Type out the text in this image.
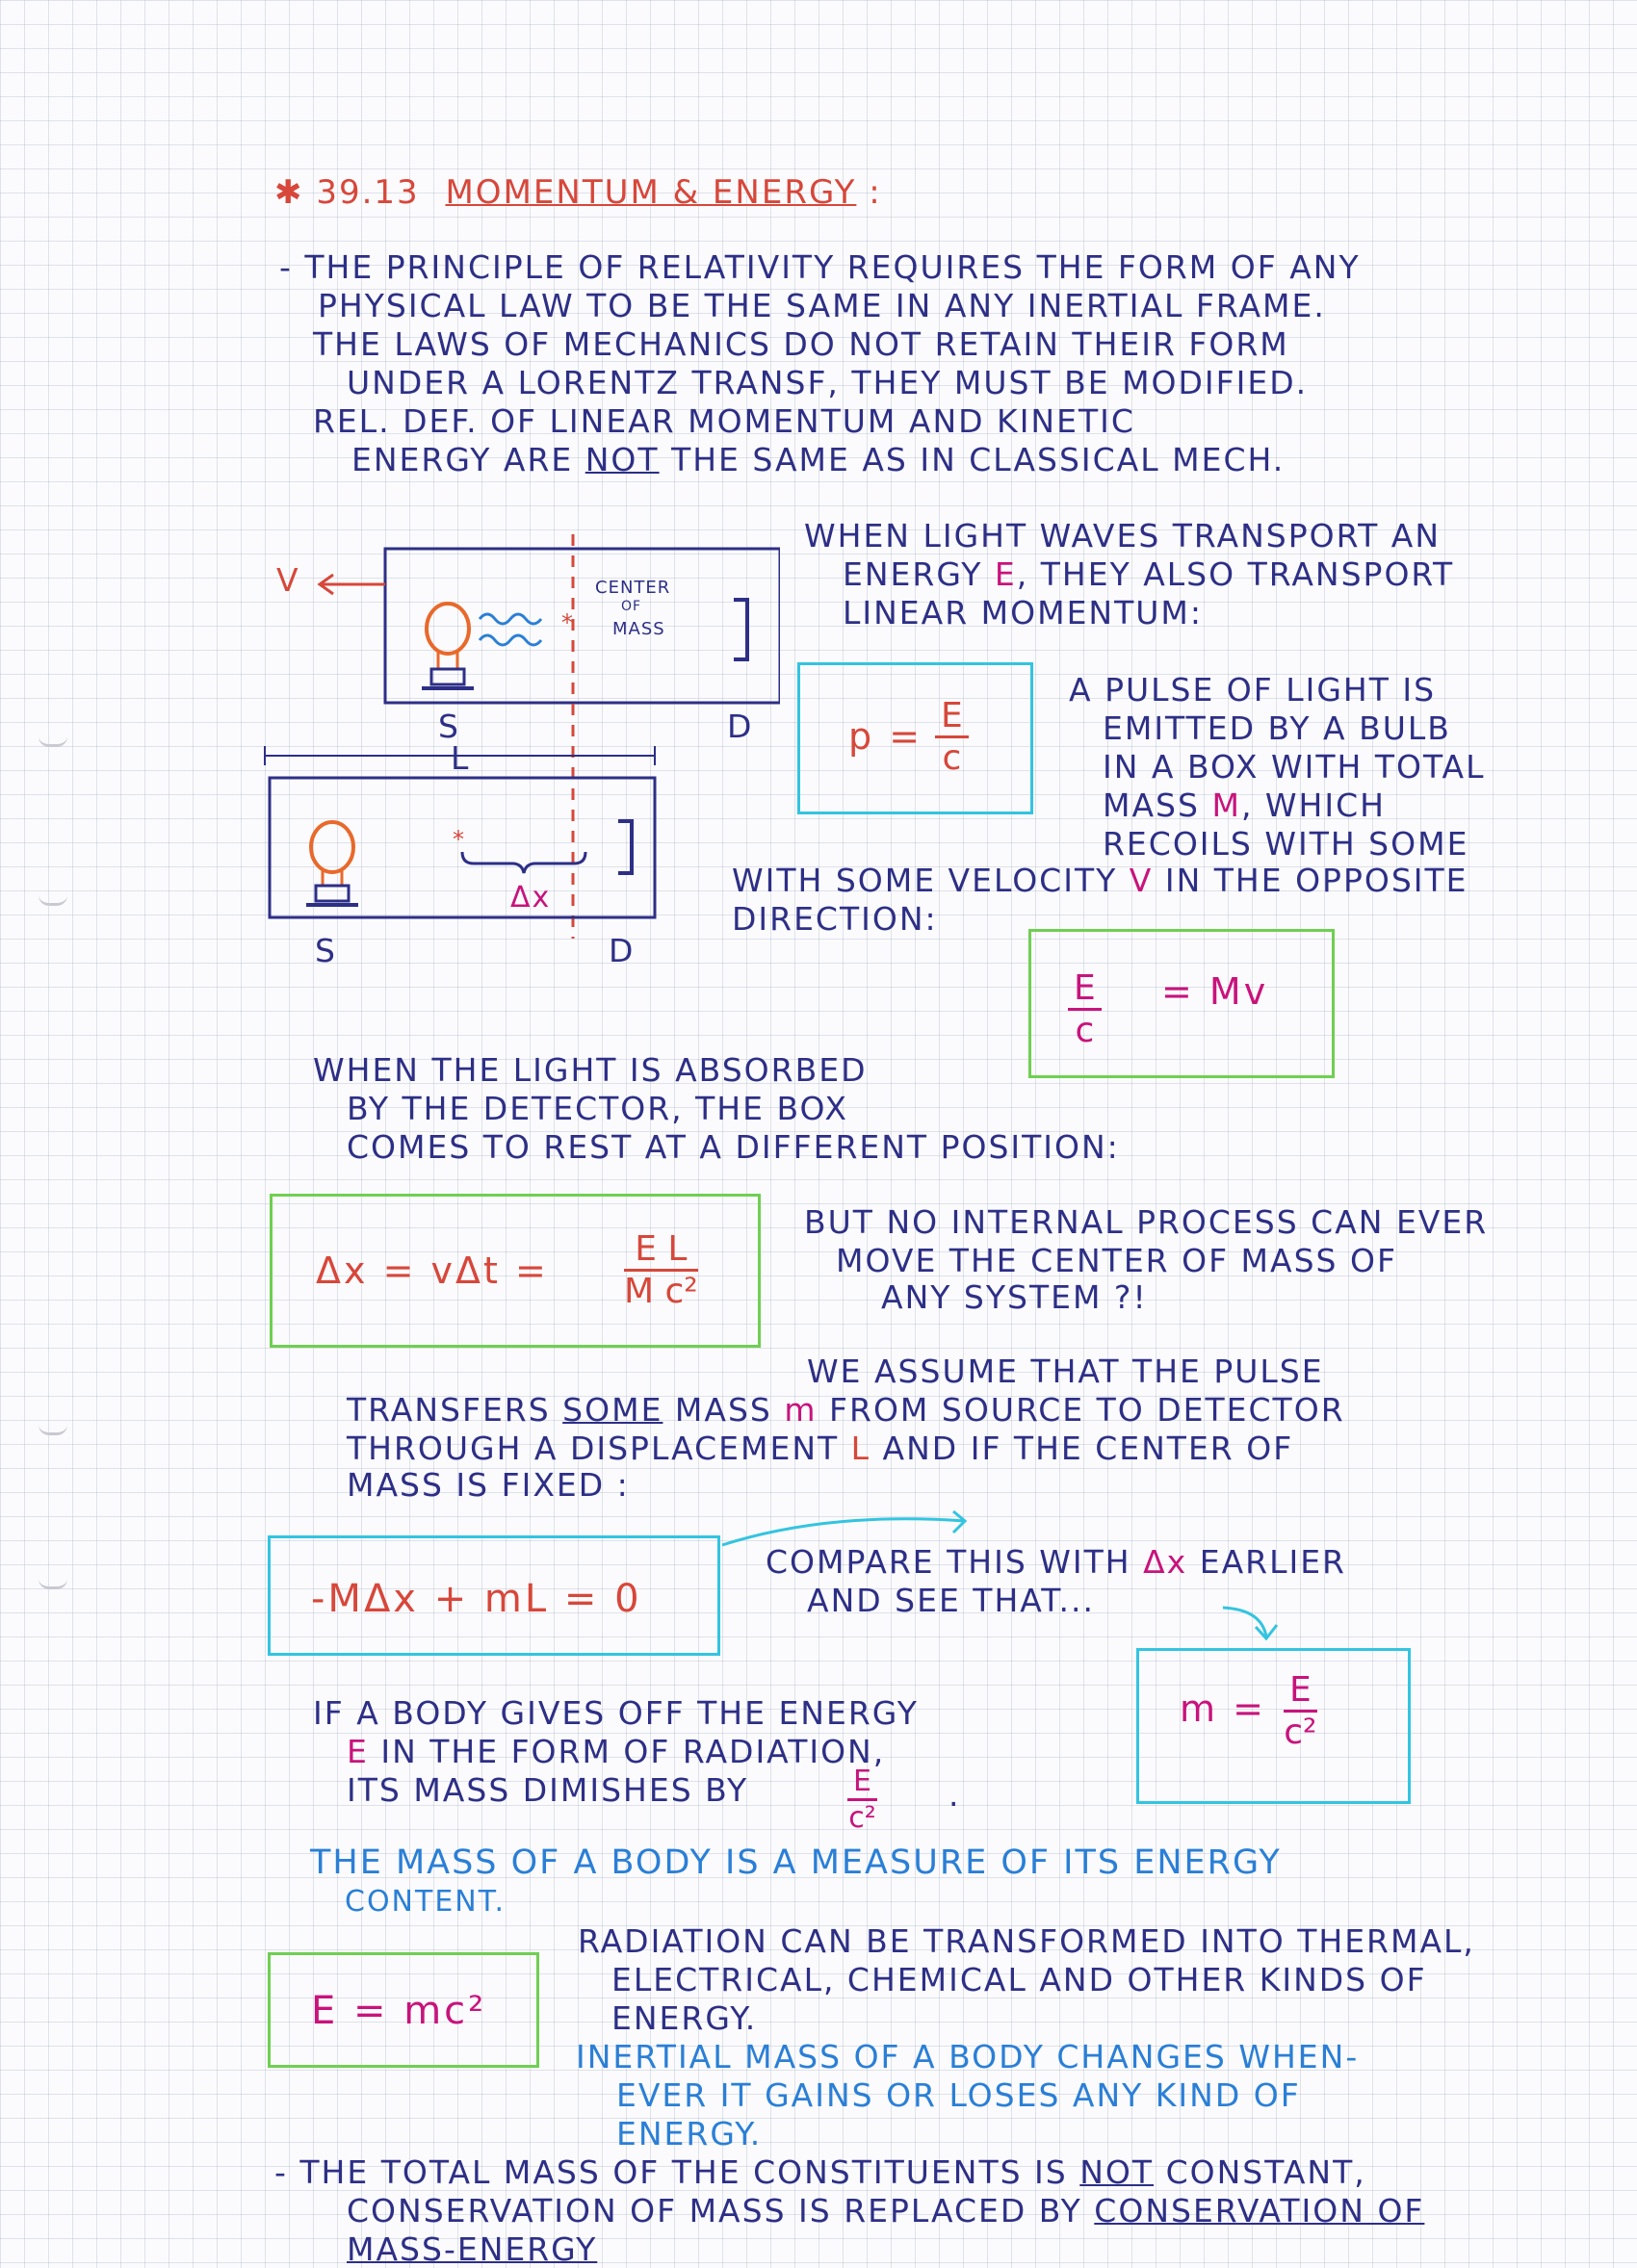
✱ 39.13 MOMENTUM & ENERGY :
- THE PRINCIPLE OF RELATIVITY REQUIRES THE FORM OF ANY
PHYSICAL LAW TO BE THE SAME IN ANY INERTIAL FRAME.
THE LAWS OF MECHANICS DO NOT RETAIN THEIR FORM
UNDER A LORENTZ TRANSF, THEY MUST BE MODIFIED.
REL. DEF. OF LINEAR MOMENTUM AND KINETIC
ENERGY ARE NOT THE SAME AS IN CLASSICAL MECH.
*
*
V	CENTER
OF
MASS
S	D
L
Δx
S	D
WHEN LIGHT WAVES TRANSPORT AN
ENERGY E, THEY ALSO TRANSPORT
LINEAR MOMENTUM:
$p = \frac{E}{c}$
A PULSE OF LIGHT IS
EMITTED BY A BULB
IN A BOX WITH TOTAL
MASS M, WHICH
RECOILS WITH SOME
WITH SOME VELOCITY V IN THE OPPOSITE
DIRECTION:
$\frac{E}{c} = Mv$
WHEN THE LIGHT IS ABSORBED
BY THE DETECTOR, THE BOX
COMES TO REST AT A DIFFERENT POSITION:
$\Delta x = v\Delta t = \frac{\text{E L}}{\text{M c²}}$
BUT NO INTERNAL PROCESS CAN EVER
MOVE THE CENTER OF MASS OF
ANY SYSTEM ?!
WE ASSUME THAT THE PULSE
TRANSFERS SOME MASS m FROM SOURCE TO DETECTOR
THROUGH A DISPLACEMENT L AND IF THE CENTER OF
MASS IS FIXED :
-MΔx + mL = 0
COMPARE THIS WITH Δx EARLIER
AND SEE THAT...
$m = \frac{E}{\text{c²}}$
IF A BODY GIVES OFF THE ENERGY
E IN THE FORM OF RADIATION,
ITS MASS DIMISHES BY	$\frac{E}{\text{c²}}$ .
THE MASS OF A BODY IS A MEASURE OF ITS ENERGY
CONTENT.
E = mc²
RADIATION CAN BE TRANSFORMED INTO THERMAL,
ELECTRICAL, CHEMICAL AND OTHER KINDS OF
ENERGY.
INERTIAL MASS OF A BODY CHANGES WHEN-
EVER IT GAINS OR LOSES ANY KIND OF
ENERGY.
- THE TOTAL MASS OF THE CONSTITUENTS IS NOT CONSTANT,
CONSERVATION OF MASS IS REPLACED BY CONSERVATION OF
MASS-ENERGY
